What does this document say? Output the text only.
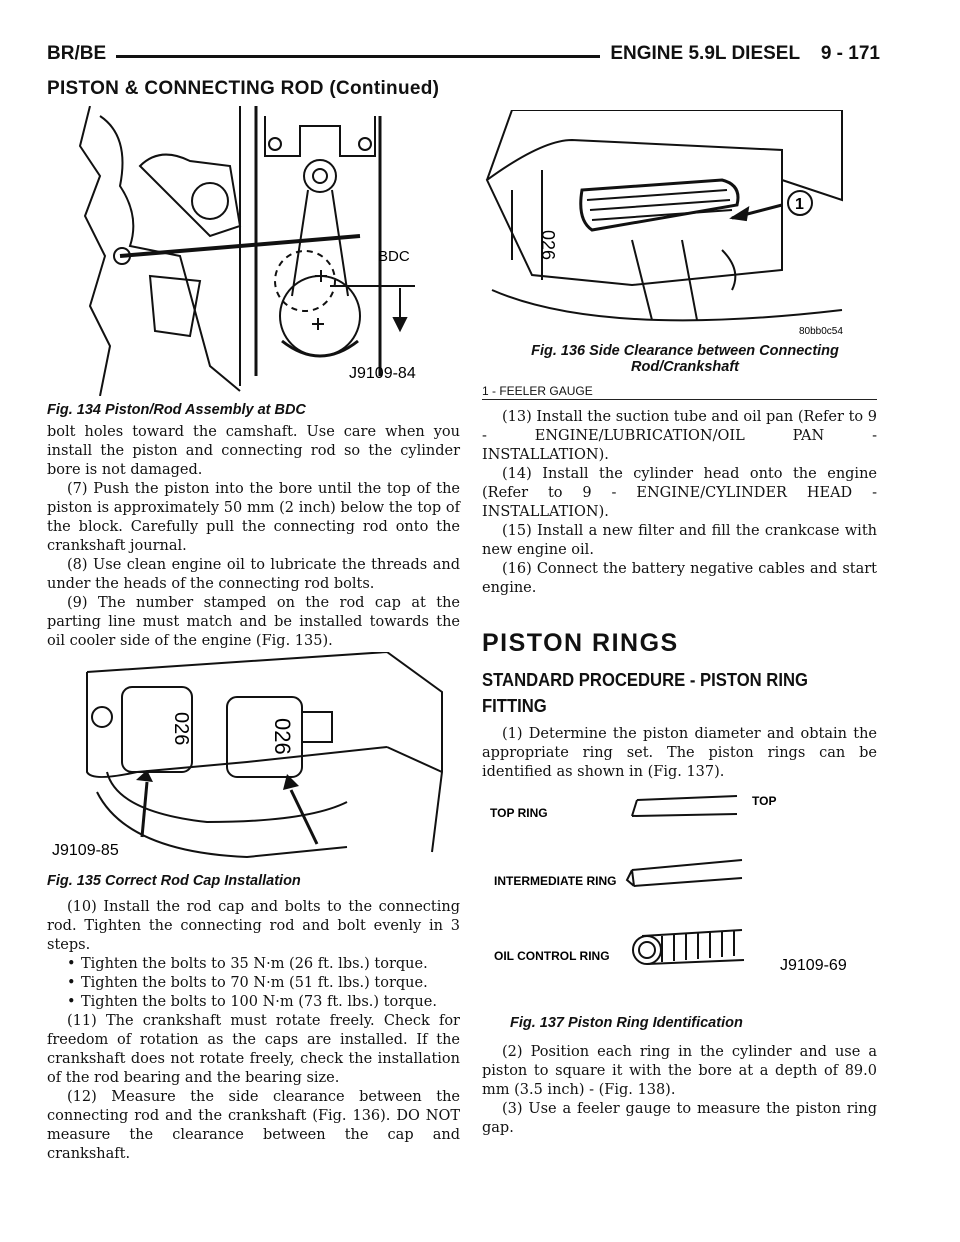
BR/BE	ENGINE 5.9L DIESEL    9 - 171
PISTON & CONNECTING ROD (Continued)
BDC
J9109-84
Fig. 134 Piston/Rod Assembly at BDC
026
1
80bb0c54
Fig. 136 Side Clearance between Connecting
Rod/Crankshaft
1 - FEELER GAUGE

bolt holes toward the camshaft. Use care when you install the piston and connecting rod so the cylinder bore is not damaged.

(7) Push the piston into the bore until the top of the piston is approximately 50 mm (2 inch) below the top of the block. Carefully pull the connecting rod onto the crankshaft journal.

(8) Use clean engine oil to lubricate the threads and under the heads of the connecting rod bolts.

(9) The number stamped on the rod cap at the parting line must match and be installed towards the oil cooler side of the engine (Fig. 135).

026	026
J9109-85
Fig. 135 Correct Rod Cap Installation

(10) Install the rod cap and bolts to the connecting rod. Tighten the connecting rod and bolt evenly in 3 steps.

• Tighten the bolts to 35 N·m (26 ft. lbs.) torque.
• Tighten the bolts to 70 N·m (51 ft. lbs.) torque.
• Tighten the bolts to 100 N·m (73 ft. lbs.) torque.

(11) The crankshaft must rotate freely. Check for freedom of rotation as the caps are installed. If the crankshaft does not rotate freely, check the installation of the rod bearing and the bearing size.

(12) Measure the side clearance between the connecting rod and the crankshaft (Fig. 136). DO NOT measure the clearance between the cap and crankshaft.

(13) Install the suction tube and oil pan (Refer to 9 - ENGINE/LUBRICATION/OIL PAN - INSTALLATION).

(14) Install the cylinder head onto the engine (Refer to 9 - ENGINE/CYLINDER HEAD - INSTALLATION).

(15) Install a new filter and fill the crankcase with new engine oil.

(16) Connect the battery negative cables and start engine.

PISTON RINGS
STANDARD PROCEDURE - PISTON RING FITTING

(1) Determine the piston diameter and obtain the appropriate ring set. The piston rings can be identified as shown in (Fig. 137).

TOP RING
TOP
INTERMEDIATE RING
OIL CONTROL RING
J9109-69
Fig. 137 Piston Ring Identification

(2) Position each ring in the cylinder and use a piston to square it with the bore at a depth of 89.0 mm (3.5 inch) - (Fig. 138).

(3) Use a feeler gauge to measure the piston ring gap.
